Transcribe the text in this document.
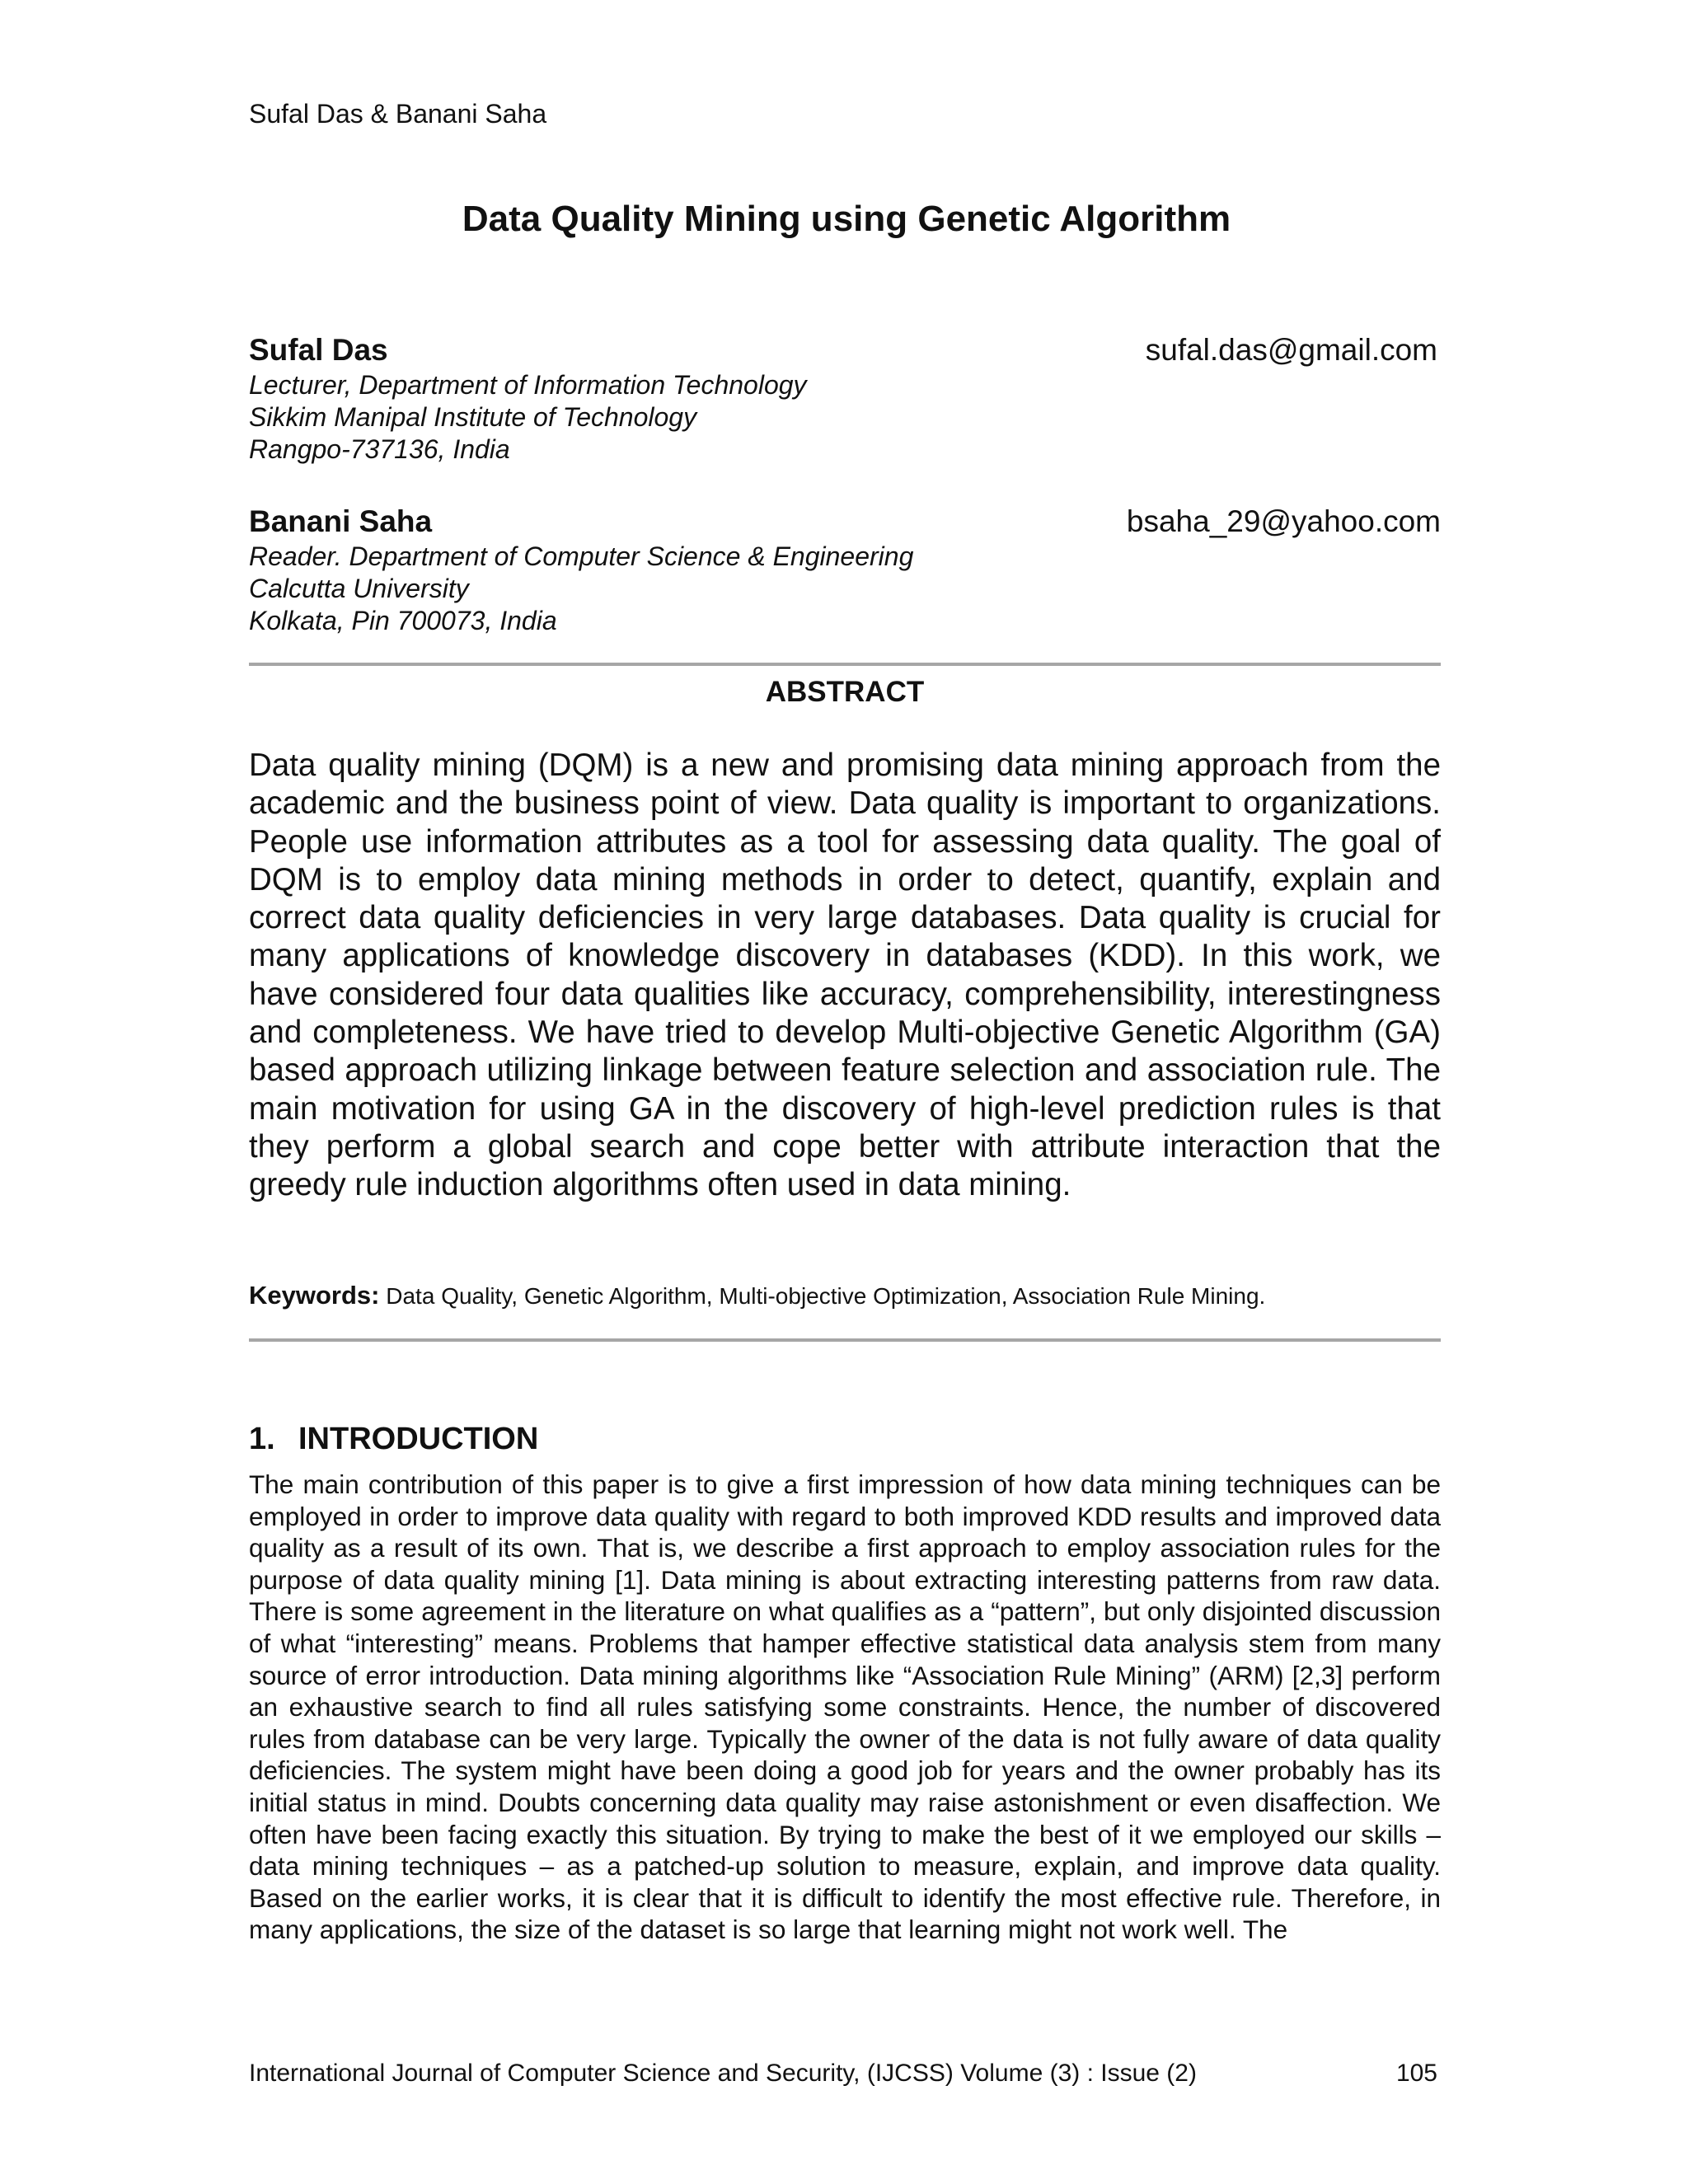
Sufal Das & Banani Saha
Data Quality Mining using Genetic Algorithm
Sufal Das	sufal.das@gmail.com
Lecturer, Department of Information Technology
Sikkim Manipal Institute of Technology
Rangpo-737136, India
Banani Saha	bsaha_29@yahoo.com
Reader. Department of Computer Science & Engineering
Calcutta University
Kolkata, Pin 700073, India
ABSTRACT
Data quality mining (DQM) is a new and promising data mining approach from the academic and the business point of view. Data quality is important to organizations. People use information attributes as a tool for assessing data quality. The goal of DQM is to employ data mining methods in order to detect, quantify, explain and correct data quality deficiencies in very large databases. Data quality is crucial for many applications of knowledge discovery in databases (KDD). In this work, we have considered four data qualities like accuracy, comprehensibility, interestingness and completeness. We have tried to develop Multi-objective Genetic Algorithm (GA) based approach utilizing linkage between feature selection and association rule. The main motivation for using GA in the discovery of high-level prediction rules is that they perform a global search and cope better with attribute interaction that the greedy rule induction algorithms often used in data mining.
Keywords: Data Quality, Genetic Algorithm, Multi-objective Optimization, Association Rule Mining.
1. INTRODUCTION
The main contribution of this paper is to give a first impression of how data mining techniques can be employed in order to improve data quality with regard to both improved KDD results and improved data quality as a result of its own. That is, we describe a first approach to employ association rules for the purpose of data quality mining [1]. Data mining is about extracting interesting patterns from raw data. There is some agreement in the literature on what qualifies as a “pattern”, but only disjointed discussion of what “interesting” means. Problems that hamper effective statistical data analysis stem from many source of error introduction. Data mining algorithms like “Association Rule Mining” (ARM) [2,3] perform an exhaustive search to find all rules satisfying some constraints. Hence, the number of discovered rules from database can be very large. Typically the owner of the data is not fully aware of data quality deficiencies. The system might have been doing a good job for years and the owner probably has its initial status in mind. Doubts concerning data quality may raise astonishment or even disaffection. We often have been facing exactly this situation. By trying to make the best of it we employed our skills – data mining techniques – as a patched-up solution to measure, explain, and improve data quality. Based on the earlier works, it is clear that it is difficult to identify the most effective rule. Therefore, in many applications, the size of the dataset is so large that learning might not work well. The
International Journal of Computer Science and Security, (IJCSS) Volume (3) : Issue (2)	105
